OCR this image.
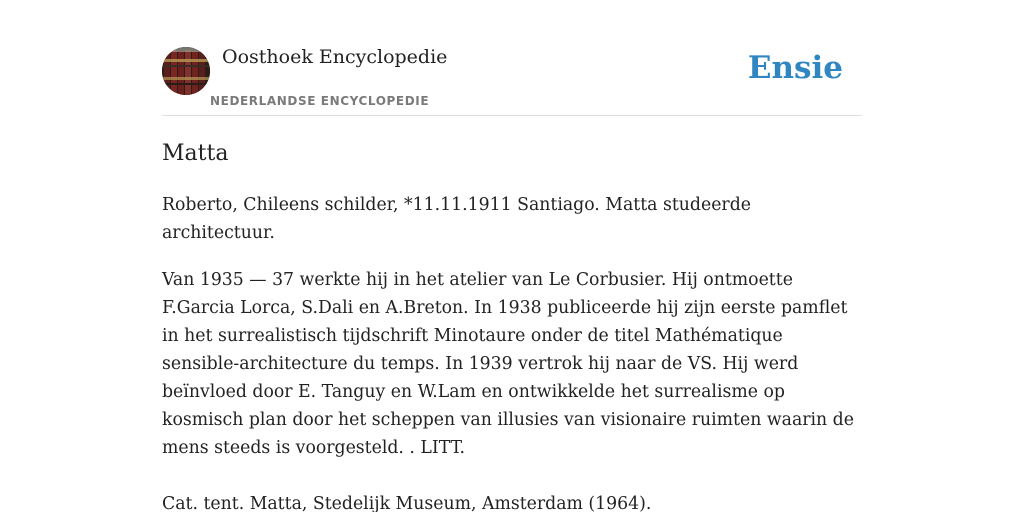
Oosthoek Encyclopedie
NEDERLANDSE ENCYCLOPEDIE
Ensie
Matta

Roberto, Chileens schilder, *11.11.1911 Santiago. Matta studeerde architectuur.

Van 1935 — 37 werkte hij in het atelier van Le Corbusier. Hij ontmoette F.Garcia Lorca, S.Dali en A.Breton. In 1938 publiceerde hij zijn eerste pamflet in het surrealistisch tijdschrift Minotaure onder de titel Mathématique sensible-architecture du temps. In 1939 vertrok hij naar de VS. Hij werd beïnvloed door E. Tanguy en W.Lam en ontwikkelde het surrealisme op kosmisch plan door het scheppen van illusies van visionaire ruimten waarin de mens steeds is voorgesteld. . LITT.

Cat. tent. Matta, Stedelijk Museum, Amsterdam (1964).
